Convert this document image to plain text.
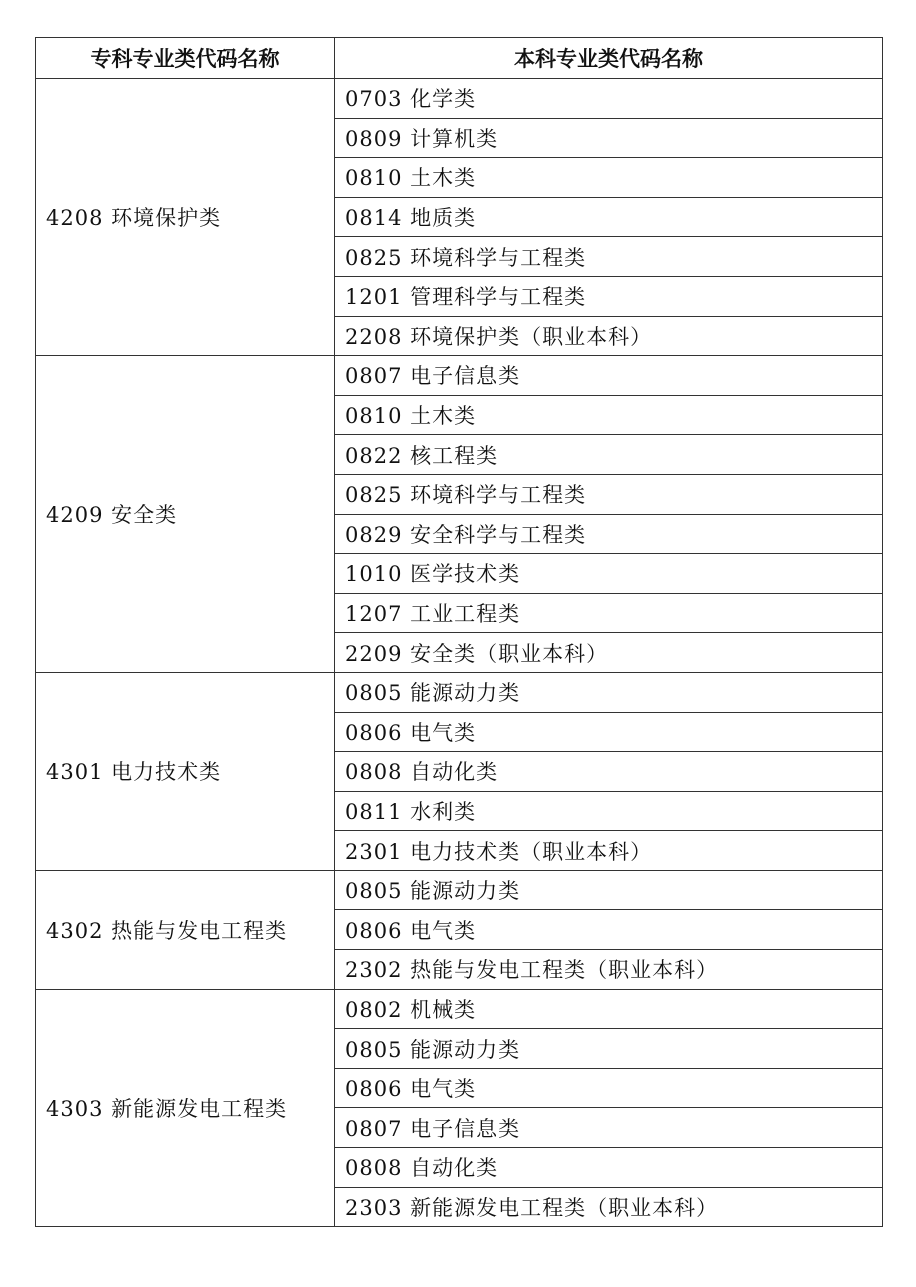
专科专业类代码名称	本科专业类代码名称
4208 环境保护类	0703 化学类
	0809 计算机类
	0810 土木类
	0814 地质类
	0825 环境科学与工程类
	1201 管理科学与工程类
	2208 环境保护类（职业本科）
4209 安全类	0807 电子信息类
	0810 土木类
	0822 核工程类
	0825 环境科学与工程类
	0829 安全科学与工程类
	1010 医学技术类
	1207 工业工程类
	2209 安全类（职业本科）
4301 电力技术类	0805 能源动力类
	0806 电气类
	0808 自动化类
	0811 水利类
	2301 电力技术类（职业本科）
4302 热能与发电工程类	0805 能源动力类
	0806 电气类
	2302 热能与发电工程类（职业本科）
4303 新能源发电工程类	0802 机械类
	0805 能源动力类
	0806 电气类
	0807 电子信息类
	0808 自动化类
	2303 新能源发电工程类（职业本科）
